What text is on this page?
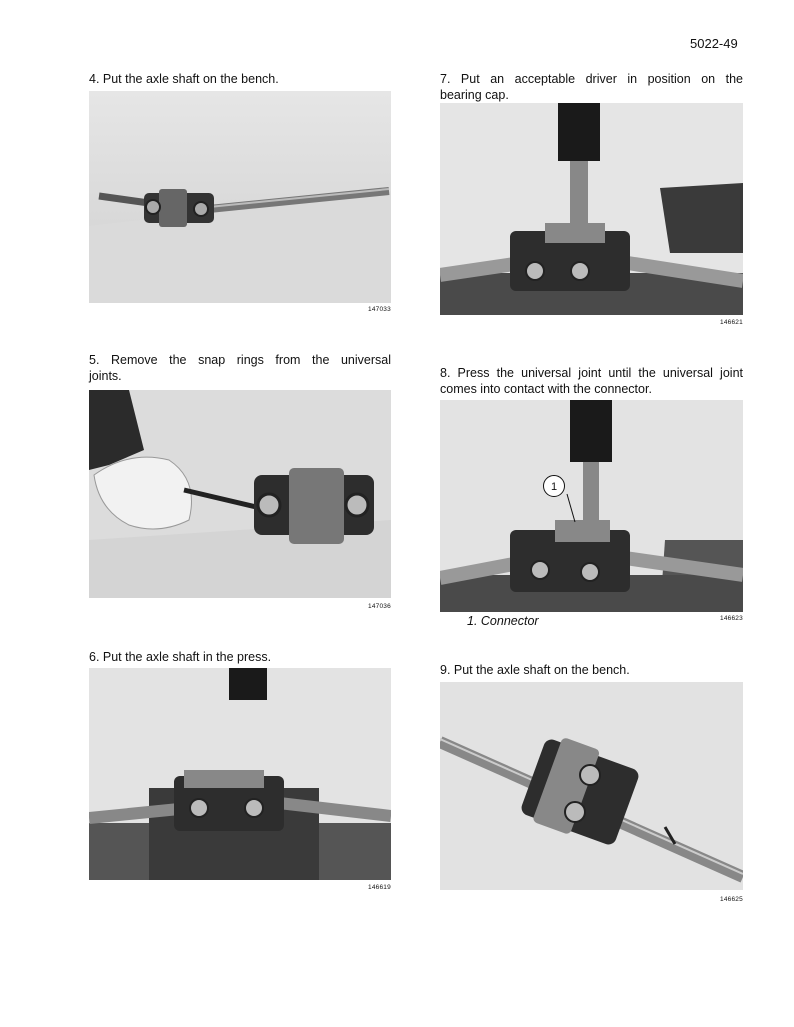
5022-49
4. Put the axle shaft on the bench.
147033
5. Remove the snap rings from the universal
joints.
147036
6. Put the axle shaft in the press.
146619
7. Put an acceptable driver in position on the
bearing cap.
146621
8. Press the universal joint until the universal joint
comes into contact with the connector.
1
1. Connector	146623
9. Put the axle shaft on the bench.
146625
